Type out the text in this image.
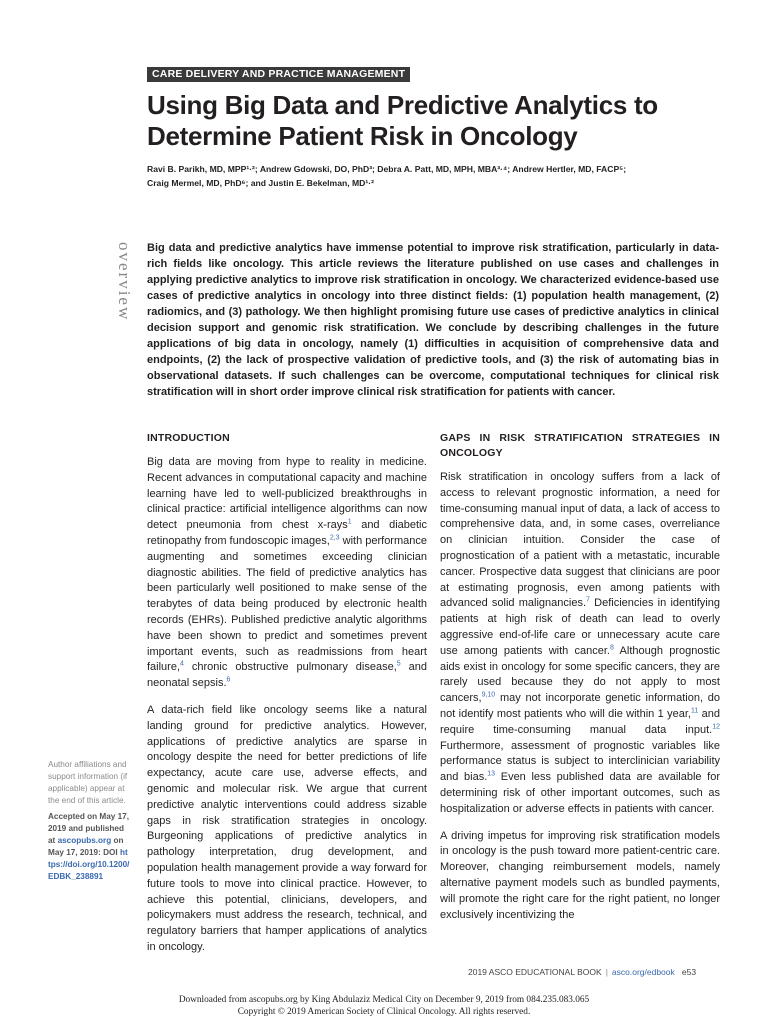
CARE DELIVERY AND PRACTICE MANAGEMENT
Using Big Data and Predictive Analytics to Determine Patient Risk in Oncology
Ravi B. Parikh, MD, MPP¹·²; Andrew Gdowski, DO, PhD³; Debra A. Patt, MD, MPH, MBA³·⁴; Andrew Hertler, MD, FACP⁵;
Craig Mermel, MD, PhD⁶; and Justin E. Bekelman, MD¹·²
overview Big data and predictive analytics have immense potential to improve risk stratification, particularly in data-rich fields like oncology. This article reviews the literature published on use cases and challenges in applying predictive analytics to improve risk stratification in oncology. We characterized evidence-based use cases of predictive analytics in oncology into three distinct fields: (1) population health management, (2) radiomics, and (3) pathology. We then highlight promising future use cases of predictive analytics in clinical decision support and genomic risk stratification. We conclude by describing challenges in the future applications of big data in oncology, namely (1) difficulties in acquisition of comprehensive data and endpoints, (2) the lack of prospective validation of predictive tools, and (3) the risk of automating bias in observational datasets. If such challenges can be overcome, computational techniques for clinical risk stratification will in short order improve clinical risk stratification for patients with cancer.
INTRODUCTION

Big data are moving from hype to reality in medicine. Recent advances in computational capacity and machine learning have led to well-publicized breakthroughs in clinical practice: artificial intelligence algorithms can now detect pneumonia from chest x-rays$^1$ and diabetic retinopathy from fundoscopic images,$^{2,3}$ with performance augmenting and sometimes exceeding clinician diagnostic abilities. The field of predictive analytics has been particularly well positioned to make sense of the terabytes of data being produced by electronic health records (EHRs). Published predictive analytic algorithms have been shown to predict and sometimes prevent important events, such as readmissions from heart failure,$^4$ chronic obstructive pulmonary disease,$^5$ and neonatal sepsis.$^6$

A data-rich field like oncology seems like a natural landing ground for predictive analytics. However, applications of predictive analytics are sparse in oncology despite the need for better predictions of life expectancy, acute care use, adverse effects, and genomic and molecular risk. We argue that current predictive analytic interventions could address sizable gaps in risk stratification strategies in oncology. Burgeoning applications of predictive analytics in pathology interpretation, drug development, and population health management provide a way forward for future tools to move into clinical practice. However, to achieve this potential, clinicians, developers, and policymakers must address the research, technical, and regulatory barriers that hamper applications of analytics in oncology.

GAPS IN RISK STRATIFICATION STRATEGIES IN ONCOLOGY

Risk stratification in oncology suffers from a lack of access to relevant prognostic information, a need for time-consuming manual input of data, a lack of access to comprehensive data, and, in some cases, overreliance on clinician intuition. Consider the case of prognostication of a patient with a metastatic, incurable cancer. Prospective data suggest that clinicians are poor at estimating prognosis, even among patients with advanced solid malignancies.$^7$ Deficiencies in identifying patients at high risk of death can lead to overly aggressive end-of-life care or unnecessary acute care use among patients with cancer.$^8$ Although prognostic aids exist in oncology for some specific cancers, they are rarely used because they do not apply to most cancers,$^{9,10}$ may not incorporate genetic information, do not identify most patients who will die within 1 year,$^{11}$ and require time-consuming manual data input.$^{12}$ Furthermore, assessment of prognostic variables like performance status is subject to interclinician variability and bias.$^{13}$ Even less published data are available for determining risk of other important outcomes, such as hospitalization or adverse effects in patients with cancer.

A driving impetus for improving risk stratification models in oncology is the push toward more patient-centric care. Moreover, changing reimbursement models, namely alternative payment models such as bundled payments, will promote the right care for the right patient, no longer exclusively incentivizing the

Author affiliations and support information (if applicable) appear at the end of this article.
Accepted on May 17, 2019 and published at ascopubs.org on May 17, 2019: DOI https://doi.org/10.1200/EDBK_238891
2019 ASCO EDUCATIONAL BOOK | asco.org/edbook e53
Downloaded from ascopubs.org by King Abdulaziz Medical City on December 9, 2019 from 084.235.083.065
Copyright © 2019 American Society of Clinical Oncology. All rights reserved.
